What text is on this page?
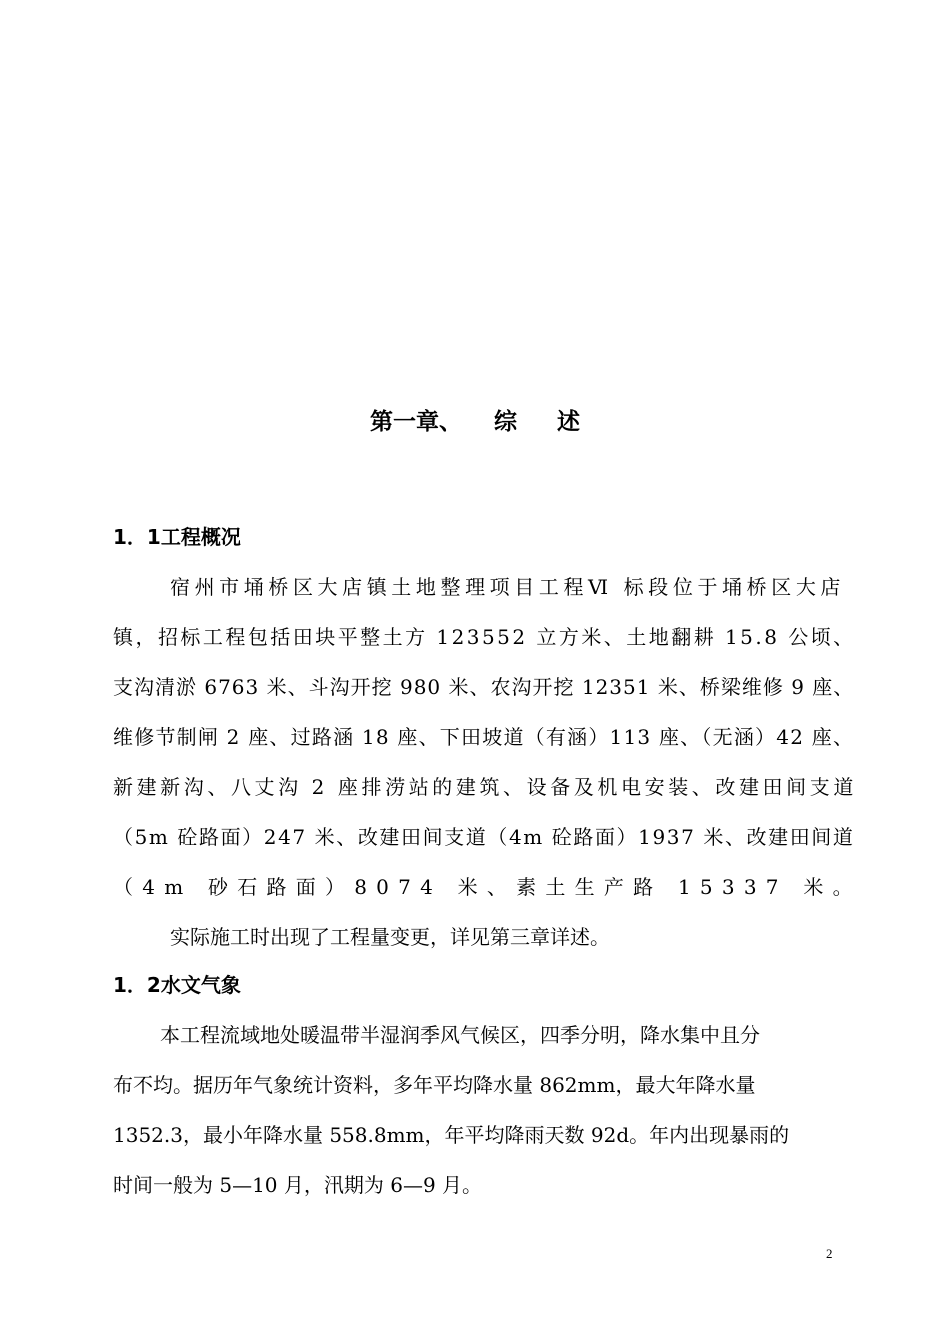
第一章、    综     述
1．1工程概况
宿州市埇桥区大店镇土地整理项目工程Ⅵ 标段位于埇桥区大店
镇，招标工程包括田块平整土方 123552 立方米、土地翻耕 15.8 公顷、
支沟清淤 6763 米、斗沟开挖 980 米、农沟开挖 12351 米、桥梁维修 9 座、
维修节制闸 2 座、过路涵 18 座、下田坡道（有涵）113 座、（无涵）42 座、
新建新沟、八丈沟 2 座排涝站的建筑、设备及机电安装、改建田间支道
（5m 砼路面）247 米、改建田间支道（4m 砼路面）1937 米、改建田间道
（4m 砂石路面）8074 米、素土生产路 15337 米。
实际施工时出现了工程量变更，详见第三章详述。
1．2水文气象
本工程流域地处暖温带半湿润季风气候区，四季分明，降水集中且分
布不均。据历年气象统计资料，多年平均降水量 862mm，最大年降水量
1352.3，最小年降水量 558.8mm，年平均降雨天数 92d。年内出现暴雨的
时间一般为 5—10 月，汛期为 6—9 月。
2
